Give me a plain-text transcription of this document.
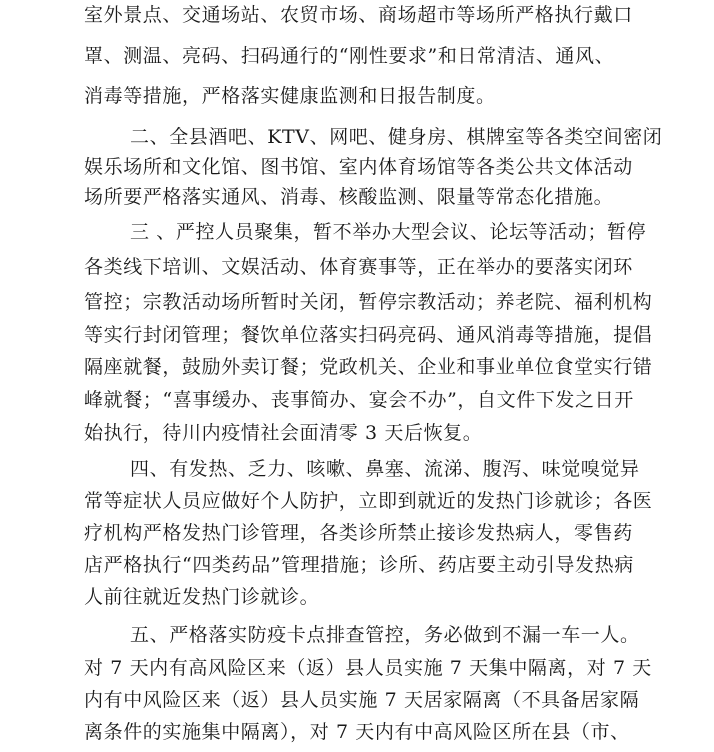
室外景点、交通场站、农贸市场、商场超市等场所严格执行戴口
罩、测温、亮码、扫码通行的“刚性要求”和日常清洁、通风、
消毒等措施，严格落实健康监测和日报告制度。
二、全县酒吧、KTV、网吧、健身房、棋牌室等各类空间密闭
娱乐场所和文化馆、图书馆、室内体育场馆等各类公共文体活动
场所要严格落实通风、消毒、核酸监测、限量等常态化措施。
三 、严控人员聚集，暂不举办大型会议、论坛等活动；暂停
各类线下培训、文娱活动、体育赛事等，正在举办的要落实闭环
管控；宗教活动场所暂时关闭，暂停宗教活动；养老院、福利机构
等实行封闭管理；餐饮单位落实扫码亮码、通风消毒等措施，提倡
隔座就餐，鼓励外卖订餐；党政机关、企业和事业单位食堂实行错
峰就餐；“喜事缓办、丧事简办、宴会不办”，自文件下发之日开
始执行，待川内疫情社会面清零 3 天后恢复。
四、有发热、乏力、咳嗽、鼻塞、流涕、腹泻、味觉嗅觉异
常等症状人员应做好个人防护，立即到就近的发热门诊就诊；各医
疗机构严格发热门诊管理，各类诊所禁止接诊发热病人，零售药
店严格执行“四类药品”管理措施；诊所、药店要主动引导发热病
人前往就近发热门诊就诊。
五、严格落实防疫卡点排查管控，务必做到不漏一车一人。
对 7 天内有高风险区来（返）县人员实施 7 天集中隔离，对 7 天
内有中风险区来（返）县人员实施 7 天居家隔离（不具备居家隔
离条件的实施集中隔离），对 7 天内有中高风险区所在县（市、
